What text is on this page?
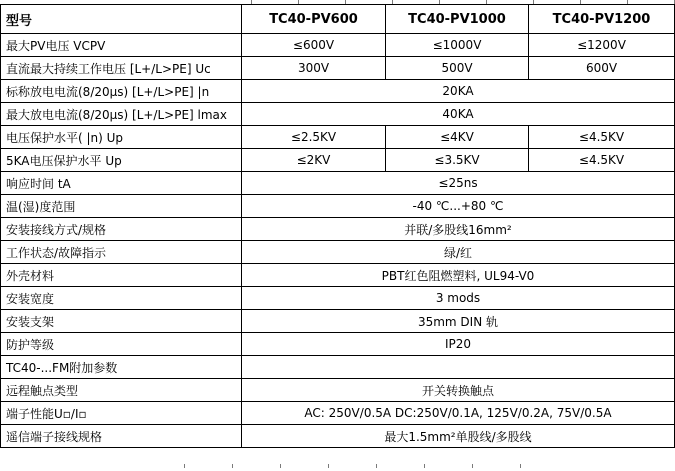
型号	TC40-PV600	TC40-PV1000	TC40-PV1200
最大PV电压 VCPV	≤600V	≤1000V	≤1200V
直流最大持续工作电压 [L+/L>PE] Uc	300V	500V	600V
标称放电电流(8/20μs) [L+/L>PE] |n	20KA		
最大放电电流(8/20μs) [L+/L>PE] lmax	40KA		
电压保护水平( |n) Up	≤2.5KV	≤4KV	≤4.5KV
5KA电压保护水平 Up	≤2KV	≤3.5KV	≤4.5KV
响应时间 tA	≤25ns		
温(湿)度范围	-40 ℃...+80 ℃		
安装接线方式/规格	并联/多股线16mm²		
工作状态/故障指示	绿/红		
外壳材料	PBT红色阻燃塑料, UL94-V0		
安装宽度	3 mods		
安装支架	35mm DIN 轨		
防护等级	IP20		
TC40-...FM附加参数			
远程触点类型	开关转换触点		
端子性能U▫/I▫	AC: 250V/0.5A DC:250V/0.1A, 125V/0.2A, 75V/0.5A		
遥信端子接线规格	最大1.5mm²单股线/多股线		
